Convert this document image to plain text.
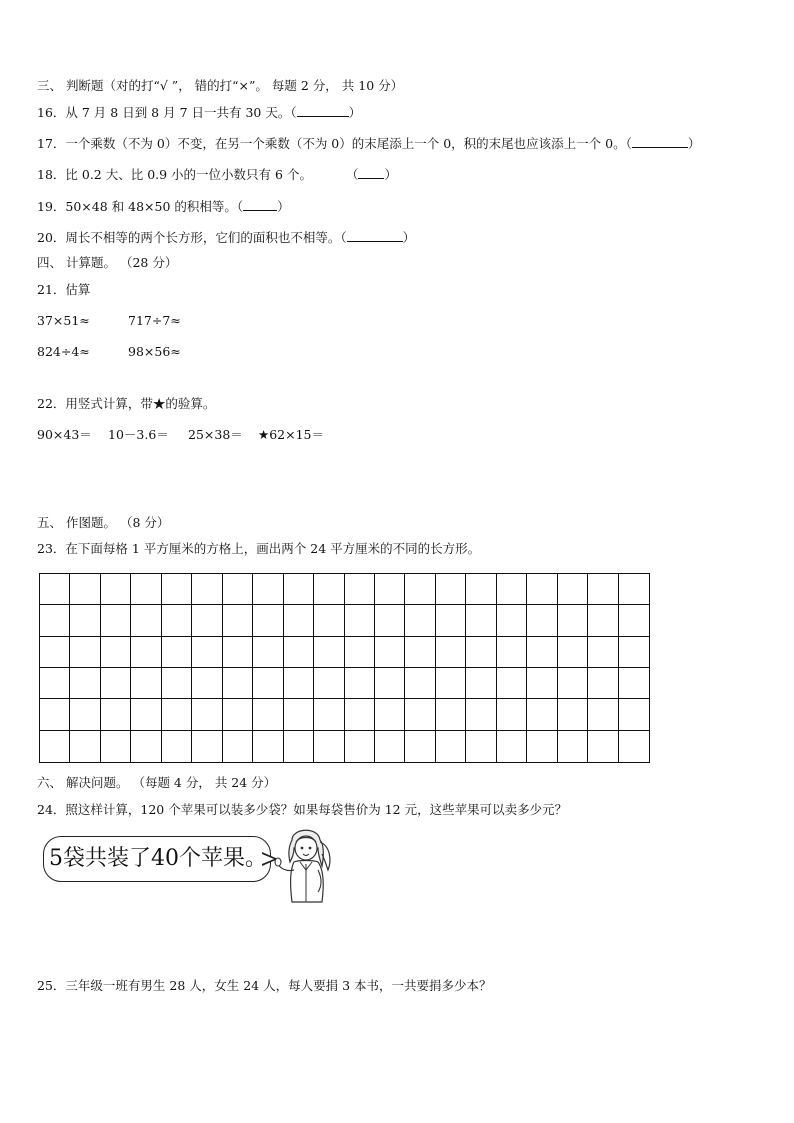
三、 判断题（对的打“√ ”， 错的打“×”。 每题 2 分， 共 10 分）
16．从 7 月 8 日到 8 月 7 日一共有 30 天。（	）
17．一个乘数（不为 0）不变，在另一个乘数（不为 0）的末尾添上一个 0，积的末尾也应该添上一个 0。（	）
18．比 0.2 大、比 0.9 小的一位小数只有 6 个。	（ ）
19．50×48 和 48×50 的积相等。（	）
20．周长不相等的两个长方形，它们的面积也不相等。（	）
四、 计算题。 （28 分）
21．估算
37×51≈	717÷7≈
824÷4≈	98×56≈
22．用竖式计算，带★的验算。
90×43＝ 10－3.6＝ 25×38＝ ★62×15＝
五、 作图题。 （8 分）
23．在下面每格 1 平方厘米的方格上，画出两个 24 平方厘米的不同的长方形。
六、 解决问题。 （每题 4 分， 共 24 分）
24．照这样计算，120 个苹果可以装多少袋？如果每袋售价为 12 元，这些苹果可以卖多少元？
5袋共装了40个苹果。
25．三年级一班有男生 28 人，女生 24 人，每人要捐 3 本书，一共要捐多少本？
